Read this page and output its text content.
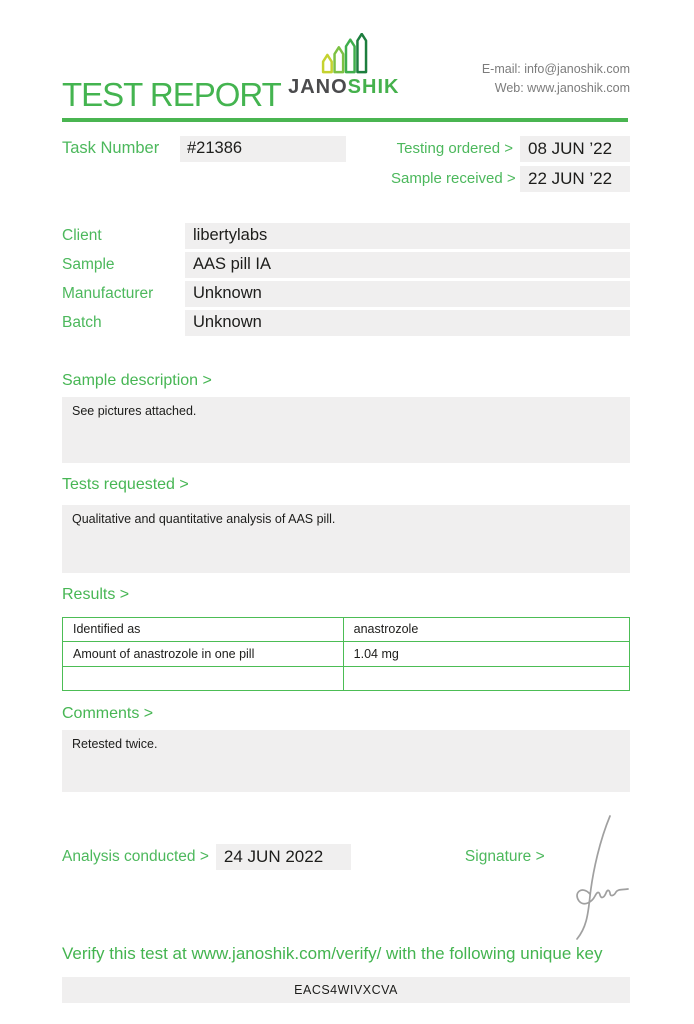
TEST REPORT JANOSHIK
E-mail: info@janoshik.com
Web: www.janoshik.com
Task Number	#21386	Testing ordered > 08 JUN ’22
Sample received > 22 JUN ’22
Client	libertylabs
Sample	AAS pill IA
Manufacturer	Unknown
Batch	Unknown
Sample description >
See pictures attached.
Tests requested >
Qualitative and quantitative analysis of AAS pill.
Results >
Identified as	anastrozole
Amount of anastrozole in one pill	1.04 mg

Comments >
Retested twice.
Analysis conducted > 24 JUN 2022	Signature >
Verify this test at www.janoshik.com/verify/ with the following unique key
EACS4WIVXCVA
